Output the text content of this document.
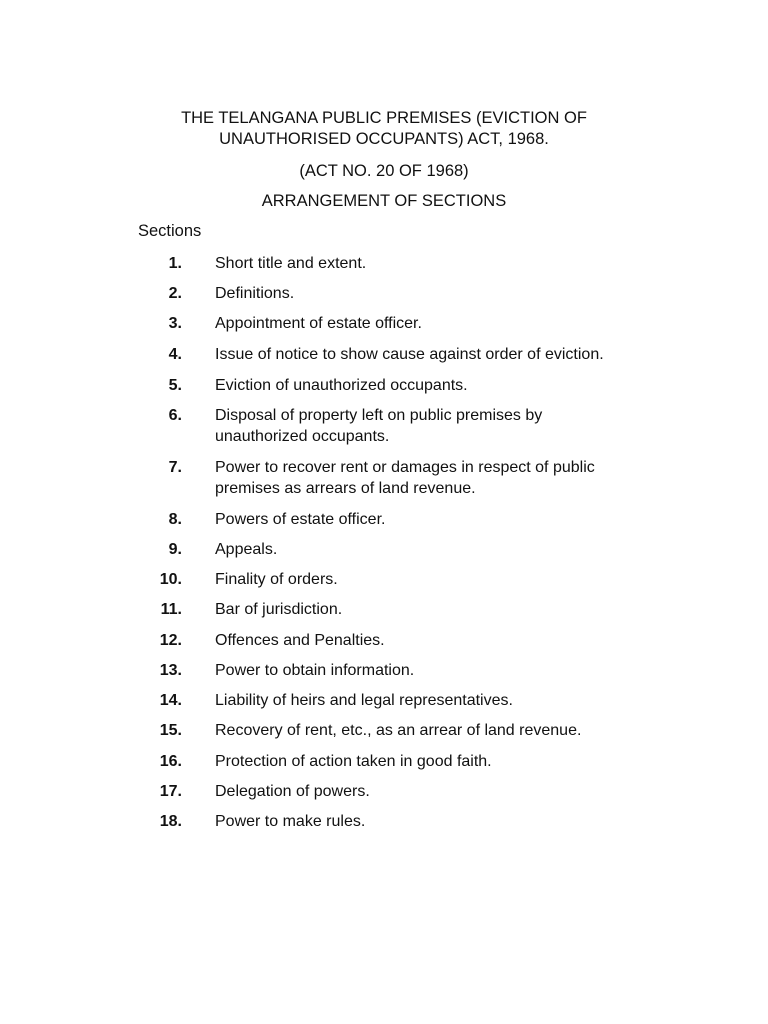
THE TELANGANA PUBLIC PREMISES (EVICTION OF
UNAUTHORISED OCCUPANTS) ACT, 1968.
(ACT NO. 20 OF 1968)
ARRANGEMENT OF SECTIONS
Sections
1. Short title and extent.
2. Definitions.
3. Appointment of estate officer.
4. Issue of notice to show cause against order of eviction.
5. Eviction of unauthorized occupants.
6. Disposal of property left on public premises by unauthorized occupants.
7. Power to recover rent or damages in respect of public premises as arrears of land revenue.
8. Powers of estate officer.
9. Appeals.
10. Finality of orders.
11. Bar of jurisdiction.
12. Offences and Penalties.
13. Power to obtain information.
14. Liability of heirs and legal representatives.
15. Recovery of rent, etc., as an arrear of land revenue.
16. Protection of action taken in good faith.
17. Delegation of powers.
18. Power to make rules.
